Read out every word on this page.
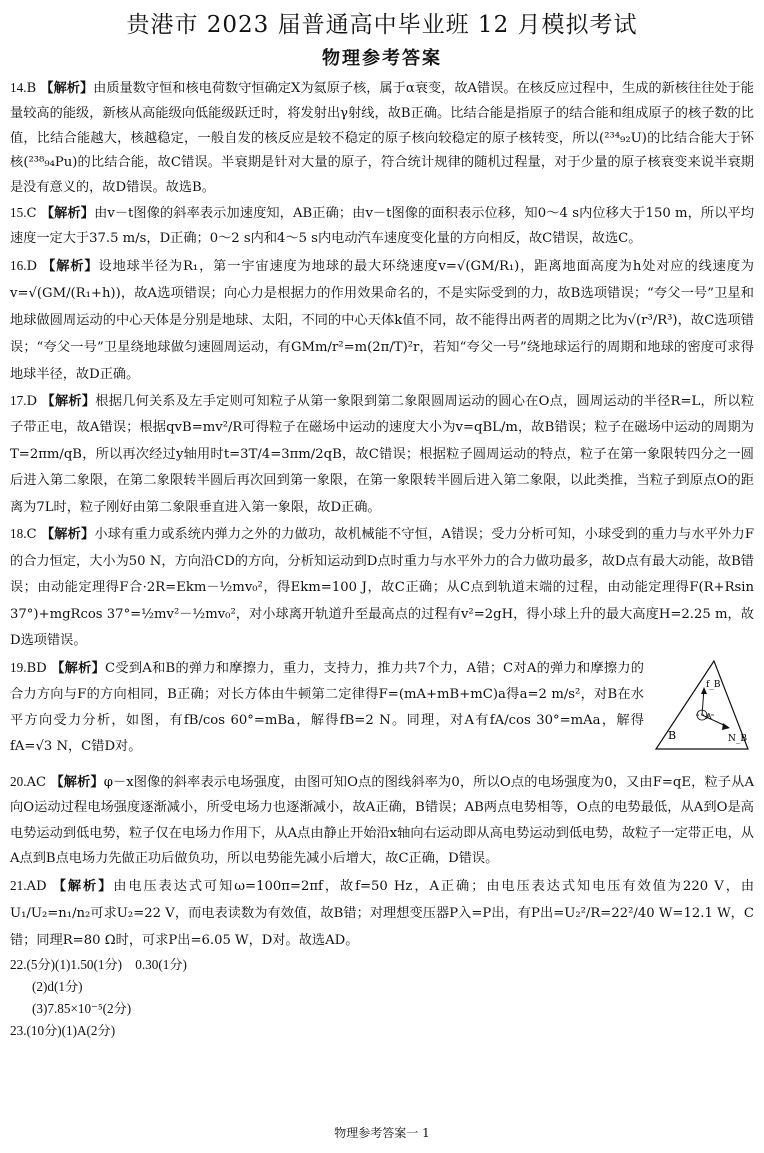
贵港市 2023 届普通高中毕业班 12 月模拟考试
物理参考答案

14.B 【解析】由质量数守恒和核电荷数守恒确定X为氦原子核，属于α衰变，故A错误。在核反应过程中，生成的新核往往处于能量较高的能级，新核从高能级向低能级跃迁时，将发射出γ射线，故B正确。比结合能是指原子的结合能和组成原子的核子数的比值，比结合能越大，核越稳定，一般自发的核反应是较不稳定的原子核向较稳定的原子核转变，所以(²³⁴₉₂U)的比结合能大于钚核(²³⁸₉₄Pu)的比结合能，故C错误。半衰期是针对大量的原子，符合统计规律的随机过程量，对于少量的原子核衰变来说半衰期是没有意义的，故D错误。故选B。

15.C 【解析】由v－t图像的斜率表示加速度知，AB正确；由v－t图像的面积表示位移，知0～4 s内位移大于150 m，所以平均速度一定大于37.5 m/s，D正确；0～2 s内和4～5 s内电动汽车速度变化量的方向相反，故C错误，故选C。

16.D 【解析】设地球半径为R₁，第一宇宙速度为地球的最大环绕速度v=√(GM/R₁)，距离地面高度为h处对应的线速度为v=√(GM/(R₁+h))，故A选项错误；向心力是根据力的作用效果命名的，不是实际受到的力，故B选项错误；“夸父一号”卫星和地球做圆周运动的中心天体是分别是地球、太阳，不同的中心天体k值不同，故不能得出两者的周期之比为√(r³/R³)，故C选项错误；“夸父一号”卫星绕地球做匀速圆周运动，有GMm/r²=m(2π/T)²r，若知“夸父一号”绕地球运行的周期和地球的密度可求得地球半径，故D正确。

17.D 【解析】根据几何关系及左手定则可知粒子从第一象限到第二象限圆周运动的圆心在O点，圆周运动的半径R=L，所以粒子带正电，故A错误；根据qvB=mv²/R可得粒子在磁场中运动的速度大小为v=qBL/m，故B错误；粒子在磁场中运动的周期为T=2πm/qB，所以再次经过y轴用时t=3T/4=3πm/2qB，故C错误；根据粒子圆周运动的特点，粒子在第一象限转四分之一圆后进入第二象限，在第二象限转半圆后再次回到第一象限，在第一象限转半圆后进入第二象限，以此类推，当粒子到原点O的距离为7L时，粒子刚好由第二象限垂直进入第一象限，故D正确。

18.C 【解析】小球有重力或系统内弹力之外的力做功，故机械能不守恒，A错误；受力分析可知，小球受到的重力与水平外力F的合力恒定，大小为50 N，方向沿CD的方向，分析知运动到D点时重力与水平外力的合力做功最多，故D点有最大动能，故B错误；由动能定理得F合·2R=Ekm－½mv₀²，得Ekm=100 J，故C正确；从C点到轨道末端的过程，由动能定理得F(R+Rsin 37°)+mgRcos 37°=½mv²－½mv₀²，对小球离开轨道升至最高点的过程有v²=2gH，得小球上升的最大高度H=2.25 m，故D选项错误。

19.BD 【解析】C受到A和B的弹力和摩擦力，重力，支持力，推力共7个力，A错；C对A的弹力和摩擦力的合力方向与F的方向相同，B正确；对长方体由牛顿第二定律得F=(mA+mB+mC)a得a=2 m/s²，对B在水平方向受力分析，如图，有fB/cos 60°=mBa，解得fB=2 N。同理，对A有fA/cos 30°=mAa，解得fA=√3 N，C错D对。

f_B
N_B
B
A

20.AC 【解析】φ－x图像的斜率表示电场强度，由图可知O点的图线斜率为0，所以O点的电场强度为0，又由F=qE，粒子从A向O运动过程电场强度逐渐减小，所受电场力也逐渐减小，故A正确，B错误；AB两点电势相等，O点的电势最低，从A到O是高电势运动到低电势，粒子仅在电场力作用下，从A点由静止开始沿x轴向右运动即从高电势运动到低电势，故粒子一定带正电，从A点到B点电场力先做正功后做负功，所以电势能先减小后增大，故C正确，D错误。

21.AD 【解析】由电压表达式可知ω=100π=2πf，故f=50 Hz，A正确；由电压表达式知电压有效值为220 V，由U₁/U₂=n₁/n₂可求U₂=22 V，而电表读数为有效值，故B错；对理想变压器P入=P出，有P出=U₂²/R=22²/40 W=12.1 W，C错；同理R=80 Ω时，可求P出=6.05 W，D对。故选AD。

22.(5分)(1)1.50(1分)　0.30(1分)

(2)d(1分)

(3)7.85×10⁻⁵(2分)

23.(10分)(1)A(2分)

物理参考答案一 1
